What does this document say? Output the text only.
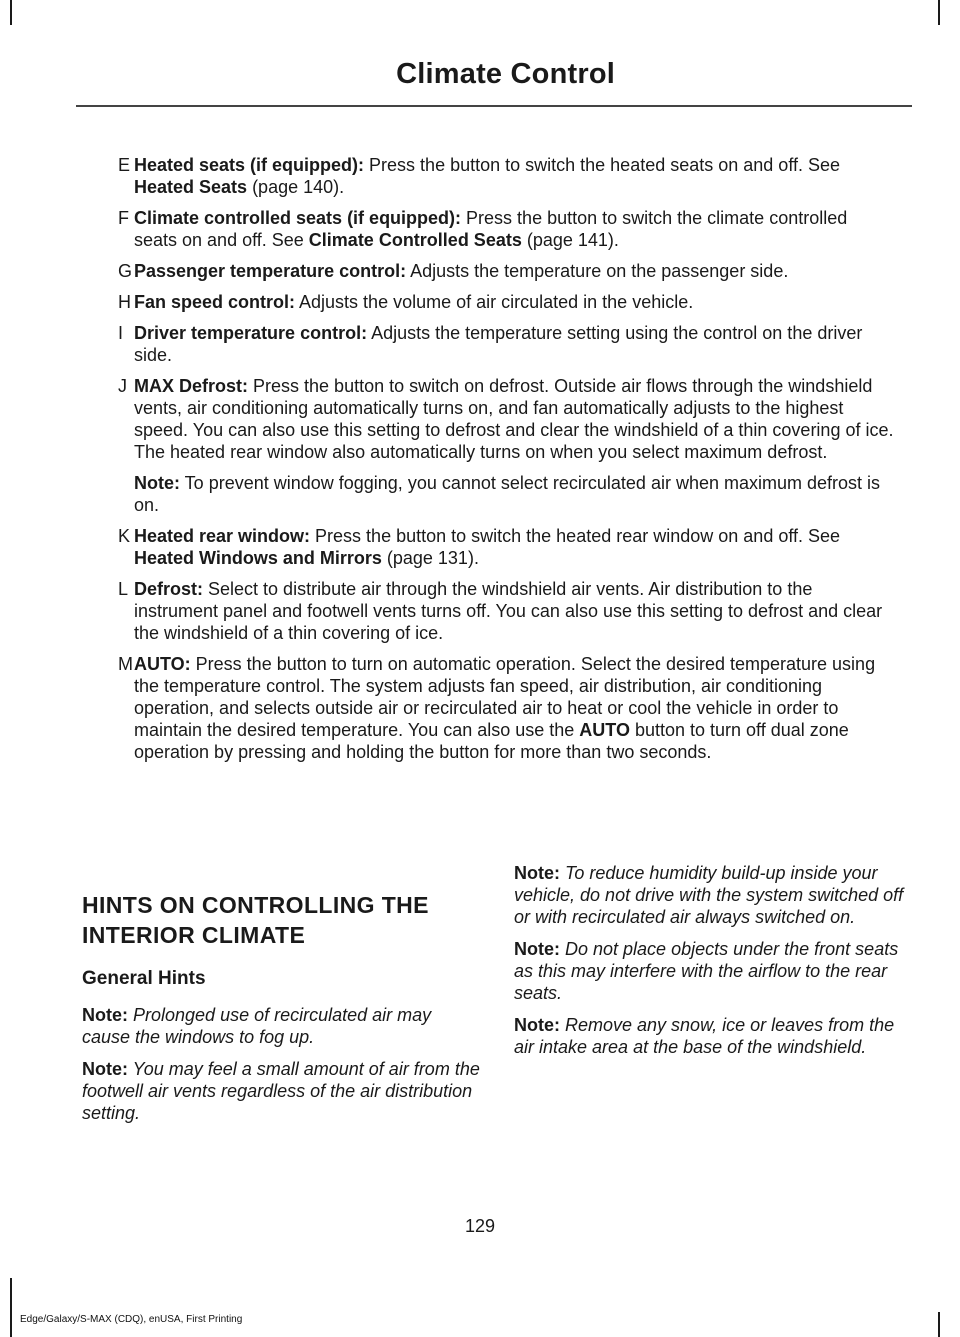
Climate Control
E Heated seats (if equipped): Press the button to switch the heated seats on and off. See Heated Seats (page 140).
F Climate controlled seats (if equipped): Press the button to switch the climate controlled seats on and off. See Climate Controlled Seats (page 141).
G Passenger temperature control: Adjusts the temperature on the passenger side.
H Fan speed control: Adjusts the volume of air circulated in the vehicle.
I Driver temperature control: Adjusts the temperature setting using the control on the driver side.
J MAX Defrost: Press the button to switch on defrost. Outside air flows through the windshield vents, air conditioning automatically turns on, and fan automatically adjusts to the highest speed. You can also use this setting to defrost and clear the windshield of a thin covering of ice. The heated rear window also automatically turns on when you select maximum defrost.

Note: To prevent window fogging, you cannot select recirculated air when maximum defrost is on.

K Heated rear window: Press the button to switch the heated rear window on and off. See Heated Windows and Mirrors (page 131).
L Defrost: Select to distribute air through the windshield air vents. Air distribution to the instrument panel and footwell vents turns off. You can also use this setting to defrost and clear the windshield of a thin covering of ice.
M AUTO: Press the button to turn on automatic operation. Select the desired temperature using the temperature control. The system adjusts fan speed, air distribution, air conditioning operation, and selects outside air or recirculated air to heat or cool the vehicle in order to maintain the desired temperature. You can also use the AUTO button to turn off dual zone operation by pressing and holding the button for more than two seconds.
HINTS ON CONTROLLING THE
INTERIOR CLIMATE
General Hints

Note: Prolonged use of recirculated air may cause the windows to fog up.

Note: You may feel a small amount of air from the footwell air vents regardless of the air distribution setting.

Note: To reduce humidity build-up inside your vehicle, do not drive with the system switched off or with recirculated air always switched on.

Note: Do not place objects under the front seats as this may interfere with the airflow to the rear seats.

Note: Remove any snow, ice or leaves from the air intake area at the base of the windshield.

129
Edge/Galaxy/S-MAX (CDQ), enUSA, First Printing
